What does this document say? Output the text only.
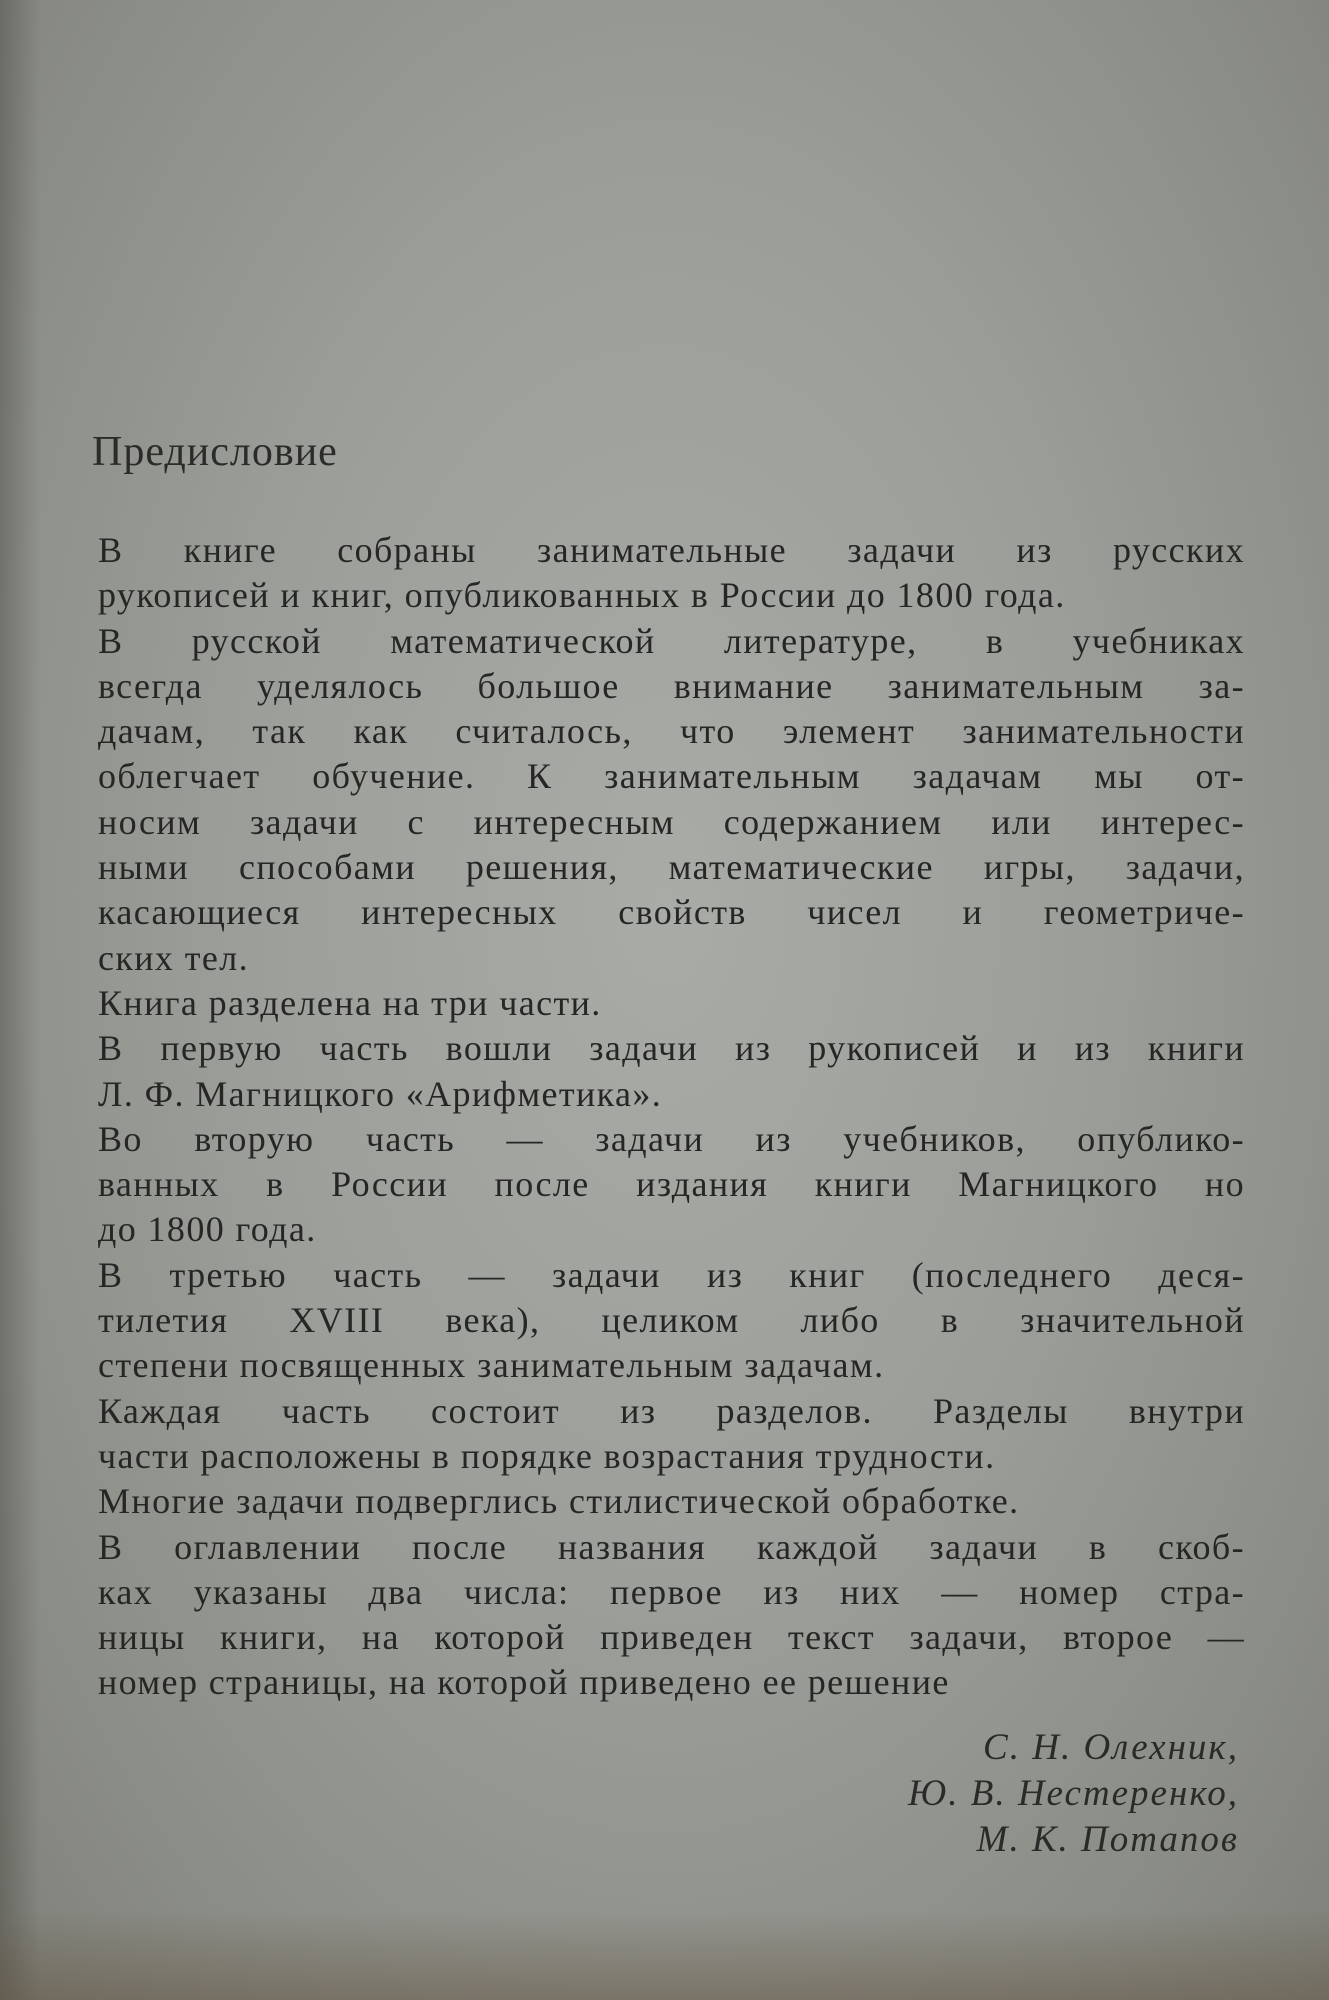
Предисловие

В книге собраны занимательные задачи из русских
рукописей и книг, опубликованных в России до 1800 года.

В русской математической литературе, в учебниках
всегда уделялось большое внимание занимательным за-
дачам, так как считалось, что элемент занимательности
облегчает обучение. К занимательным задачам мы от-
носим задачи с интересным содержанием или интерес-
ными способами решения, математические игры, задачи,
касающиеся интересных свойств чисел и геометриче-
ских тел.

Книга разделена на три части.

В первую часть вошли задачи из рукописей и из книги
Л. Ф. Магницкого «Арифметика».

Во вторую часть — задачи из учебников, опублико-
ванных в России после издания книги Магницкого но
до 1800 года.

В третью часть — задачи из книг (последнего деся-
тилетия XVIII века), целиком либо в значительной
степени посвященных занимательным задачам.

Каждая часть состоит из разделов. Разделы внутри
части расположены в порядке возрастания трудности.

Многие задачи подверглись стилистической обработке.

В оглавлении после названия каждой задачи в скоб-
ках указаны два числа: первое из них — номер стра-
ницы книги, на которой приведен текст задачи, второе —
номер страницы, на которой приведено ее решение

С. Н. Олехник,
Ю. В. Нестеренко,
М. К. Потапов
